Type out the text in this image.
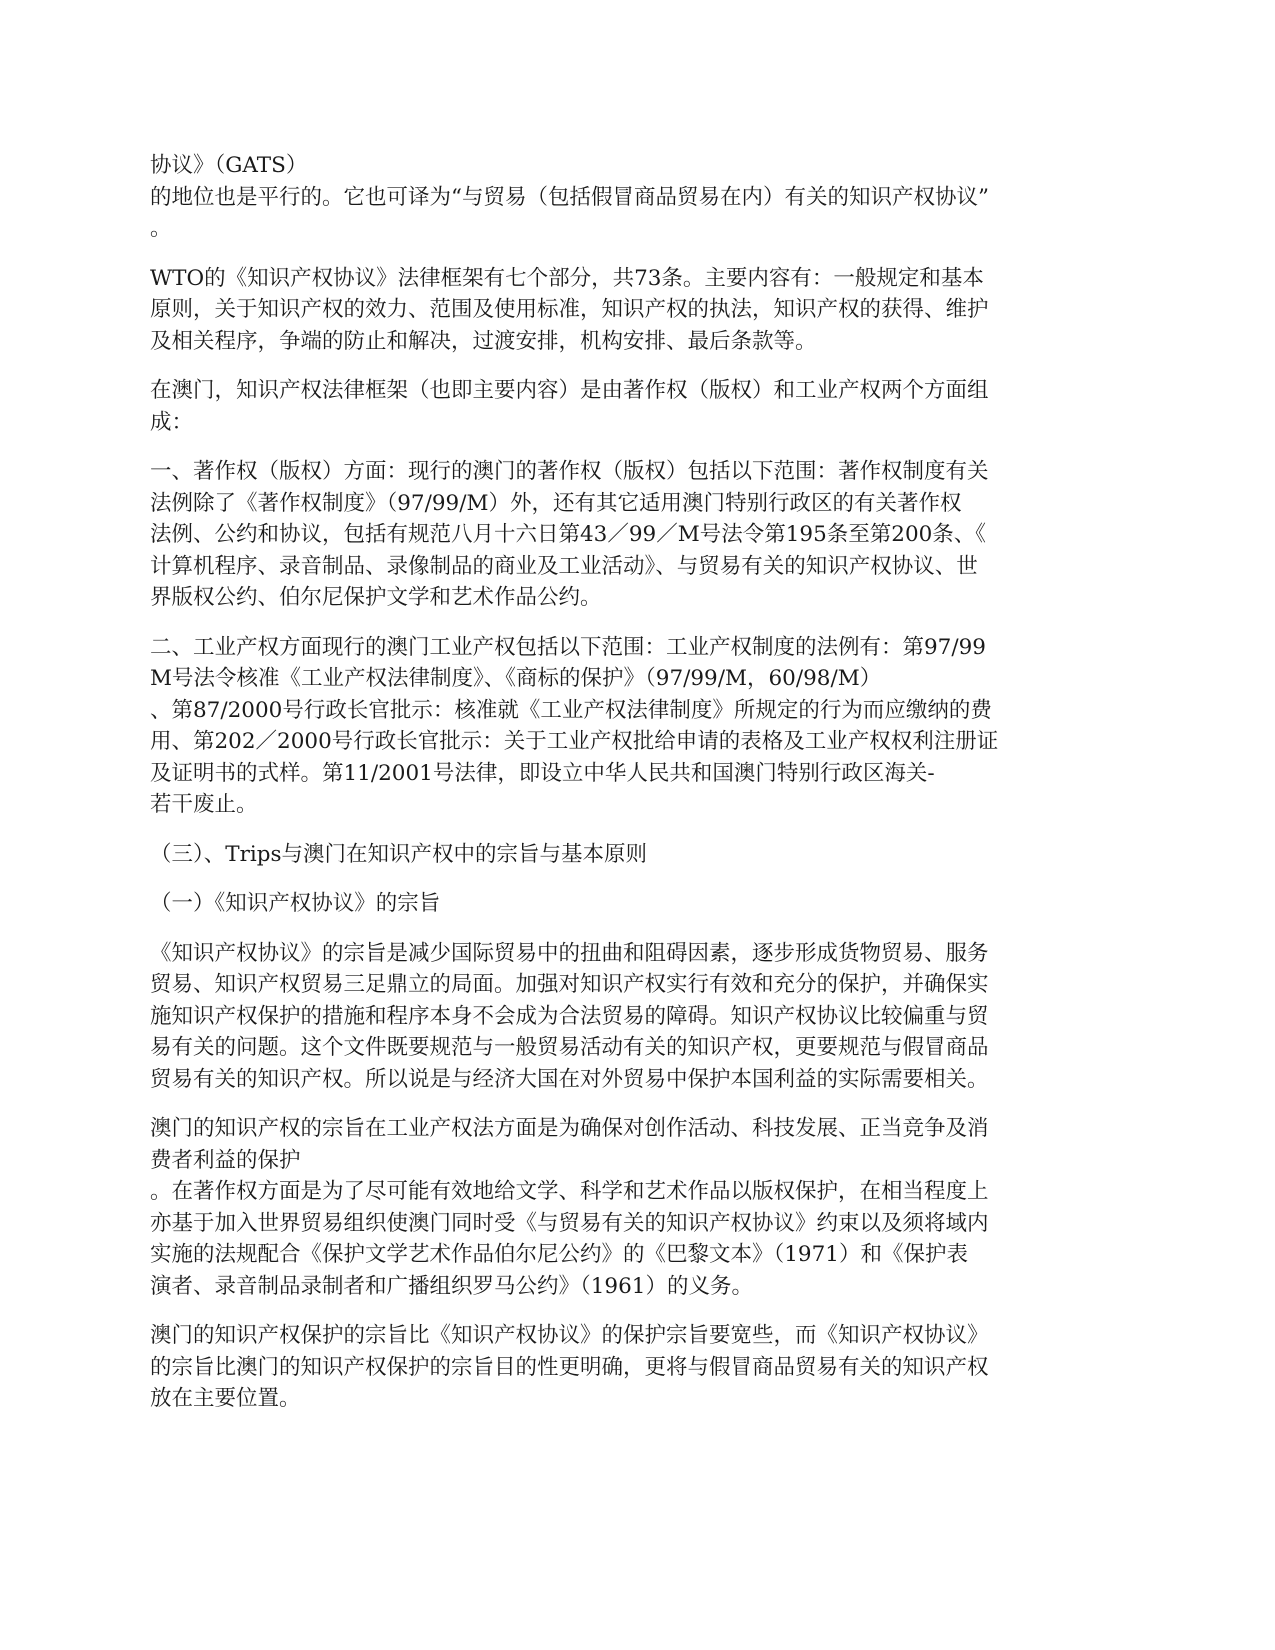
协议》（GATS）
的地位也是平行的。它也可译为“与贸易（包括假冒商品贸易在内）有关的知识产权协议”
。

WTO的《知识产权协议》法律框架有七个部分，共73条。主要内容有：一般规定和基本
原则，关于知识产权的效力、范围及使用标准，知识产权的执法，知识产权的获得、维护
及相关程序，争端的防止和解决，过渡安排，机构安排、最后条款等。

在澳门，知识产权法律框架（也即主要内容）是由著作权（版权）和工业产权两个方面组
成：

一、著作权（版权）方面：现行的澳门的著作权（版权）包括以下范围：著作权制度有关
法例除了《著作权制度》（97/99/M）外，还有其它适用澳门特别行政区的有关著作权
法例、公约和协议，包括有规范八月十六日第43／99／M号法令第195条至第200条、《
计算机程序、录音制品、录像制品的商业及工业活动》、与贸易有关的知识产权协议、世
界版权公约、伯尔尼保护文学和艺术作品公约。

二、工业产权方面现行的澳门工业产权包括以下范围：工业产权制度的法例有：第97/99
M号法令核准《工业产权法律制度》、《商标的保护》（97/99/M，60/98/M）
、第87/2000号行政长官批示：核准就《工业产权法律制度》所规定的行为而应缴纳的费
用、第202／2000号行政长官批示：关于工业产权批给申请的表格及工业产权权利注册证
及证明书的式样。第11/2001号法律，即设立中华人民共和国澳门特别行政区海关-
若干废止。

（三）、Trips与澳门在知识产权中的宗旨与基本原则

（一）《知识产权协议》的宗旨

《知识产权协议》的宗旨是减少国际贸易中的扭曲和阻碍因素，逐步形成货物贸易、服务
贸易、知识产权贸易三足鼎立的局面。加强对知识产权实行有效和充分的保护，并确保实
施知识产权保护的措施和程序本身不会成为合法贸易的障碍。知识产权协议比较偏重与贸
易有关的问题。这个文件既要规范与一般贸易活动有关的知识产权，更要规范与假冒商品
贸易有关的知识产权。所以说是与经济大国在对外贸易中保护本国利益的实际需要相关。

澳门的知识产权的宗旨在工业产权法方面是为确保对创作活动、科技发展、正当竞争及消
费者利益的保护
。在著作权方面是为了尽可能有效地给文学、科学和艺术作品以版权保护，在相当程度上
亦基于加入世界贸易组织使澳门同时受《与贸易有关的知识产权协议》约束以及须将域内
实施的法规配合《保护文学艺术作品伯尔尼公约》的《巴黎文本》（1971）和《保护表
演者、录音制品录制者和广播组织罗马公约》（1961）的义务。

澳门的知识产权保护的宗旨比《知识产权协议》的保护宗旨要宽些，而《知识产权协议》
的宗旨比澳门的知识产权保护的宗旨目的性更明确，更将与假冒商品贸易有关的知识产权
放在主要位置。
